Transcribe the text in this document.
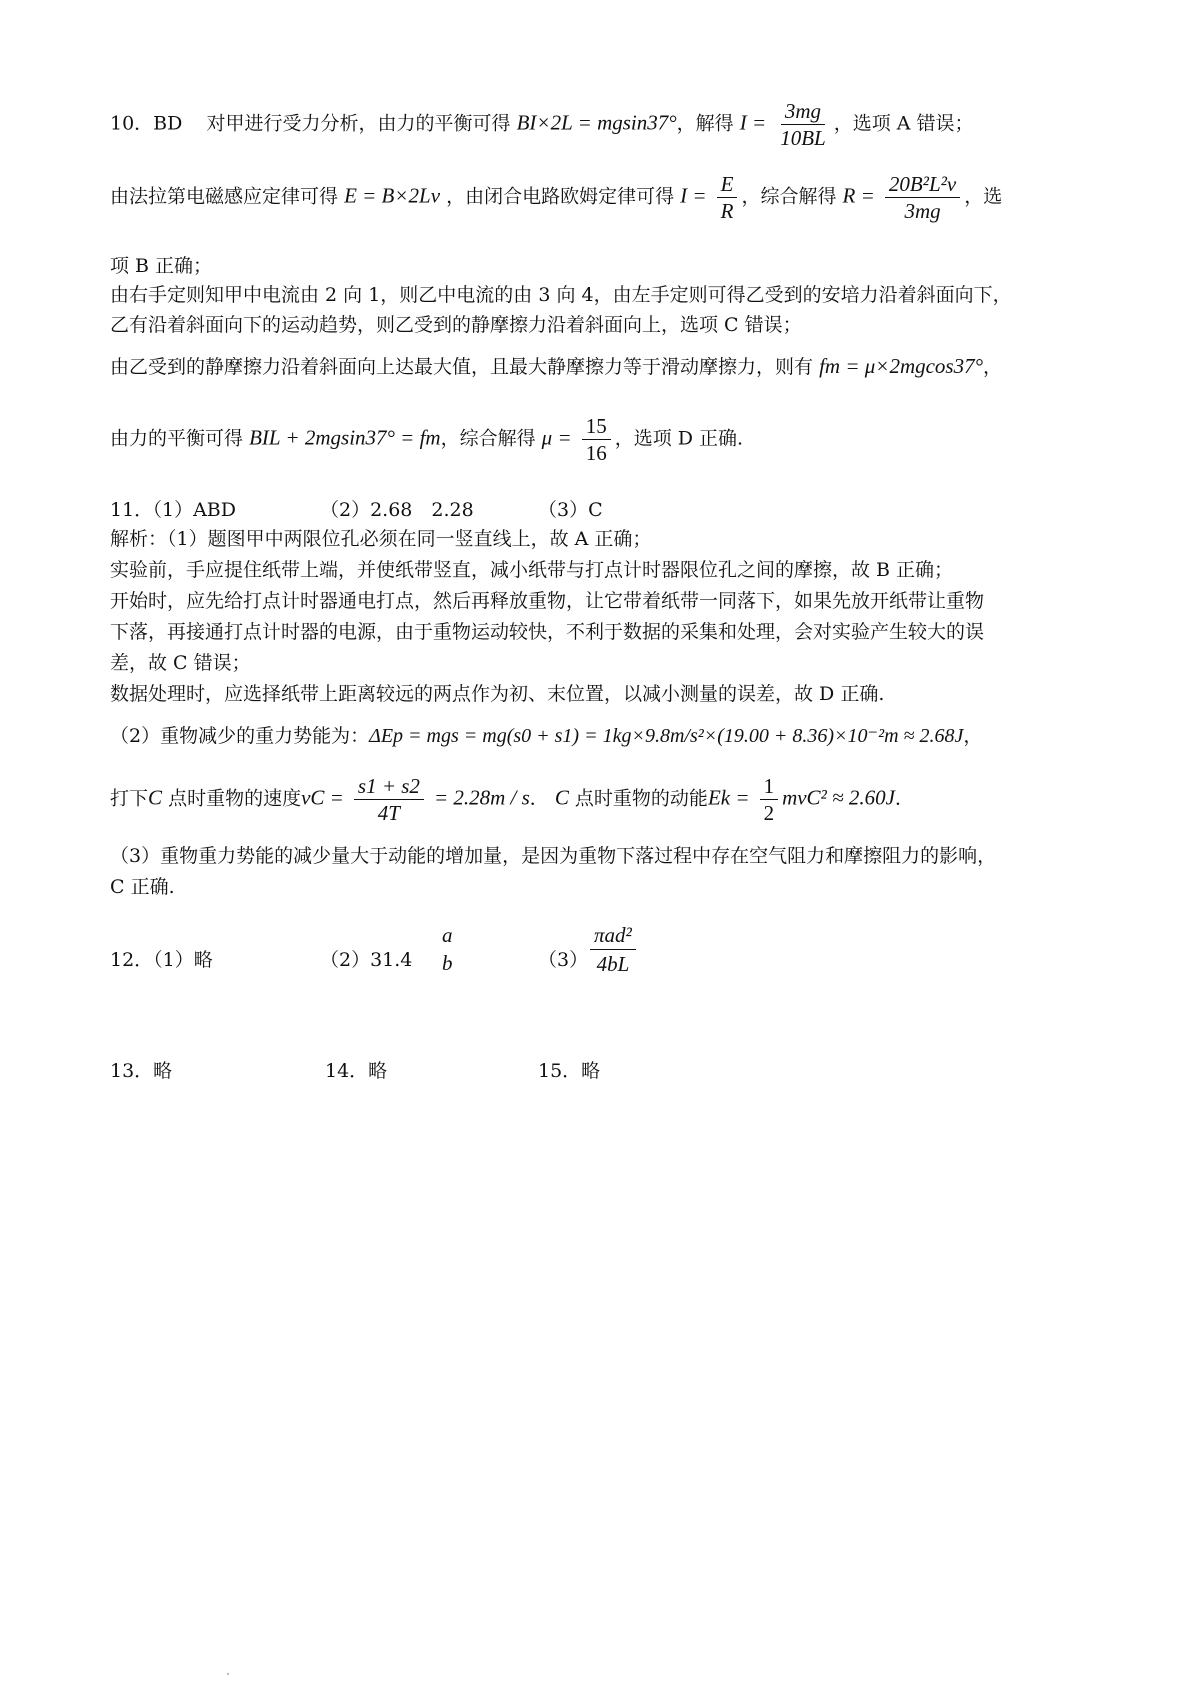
10．BD 对甲进行受力分析，由力的平衡可得 BI×2L = mgsin37°，解得 $I = \frac{3mg}{10BL}$ ，选项 A 错误；
由法拉第电磁感应定律可得 E = B×2Lv ，由闭合电路欧姆定律可得 $I = \frac{E}{R}$ ，综合解得 $R = \frac{\text{20B²L²v}}{3mg}$ ，选
项 B 正确；
由右手定则知甲中电流由 2 向 1，则乙中电流的由 3 向 4，由左手定则可得乙受到的安培力沿着斜面向下，
乙有沿着斜面向下的运动趋势，则乙受到的静摩擦力沿着斜面向上，选项 C 错误；
由乙受到的静摩擦力沿着斜面向上达最大值，且最大静摩擦力等于滑动摩擦力，则有 fm = μ×2mgcos37°，
由力的平衡可得 BIL + 2mgsin37° = fm，综合解得 $\mu = \frac{15}{16}$ ，选项 D 正确.
11．
（1）ABD	（2）2.68　2.28	（3）C
解析：（1）题图甲中两限位孔必须在同一竖直线上，故 A 正确；
实验前，手应提住纸带上端，并使纸带竖直，减小纸带与打点计时器限位孔之间的摩擦，故 B 正确；
开始时，应先给打点计时器通电打点，然后再释放重物，让它带着纸带一同落下，如果先放开纸带让重物
下落，再接通打点计时器的电源，由于重物运动较快，不利于数据的采集和处理，会对实验产生较大的误
差，故 C 错误；
数据处理时，应选择纸带上距离较远的两点作为初、末位置，以减小测量的误差，故 D 正确.
（2）重物减少的重力势能为：ΔEp = mgs = mg(s0 + s1) = 1kg×9.8m/s²×(19.00 + 8.36)×10⁻²m ≈ 2.68J，
打下C 点时重物的速度vC = $\frac{s1 + s2}{4T} = 2.28m / s$． C 点时重物的动能$Ek = \frac{1}{2} mvC^2 \approx 2.60J$．
（3）重物重力势能的减少量大于动能的增加量，是因为重物下落过程中存在空气阻力和摩擦阻力的影响，
C 正确.
12．（1）略	（2）31.4
a
b	$(3) \frac{\text{πad²}}{4bL}$
13．略	14．略	15．略
